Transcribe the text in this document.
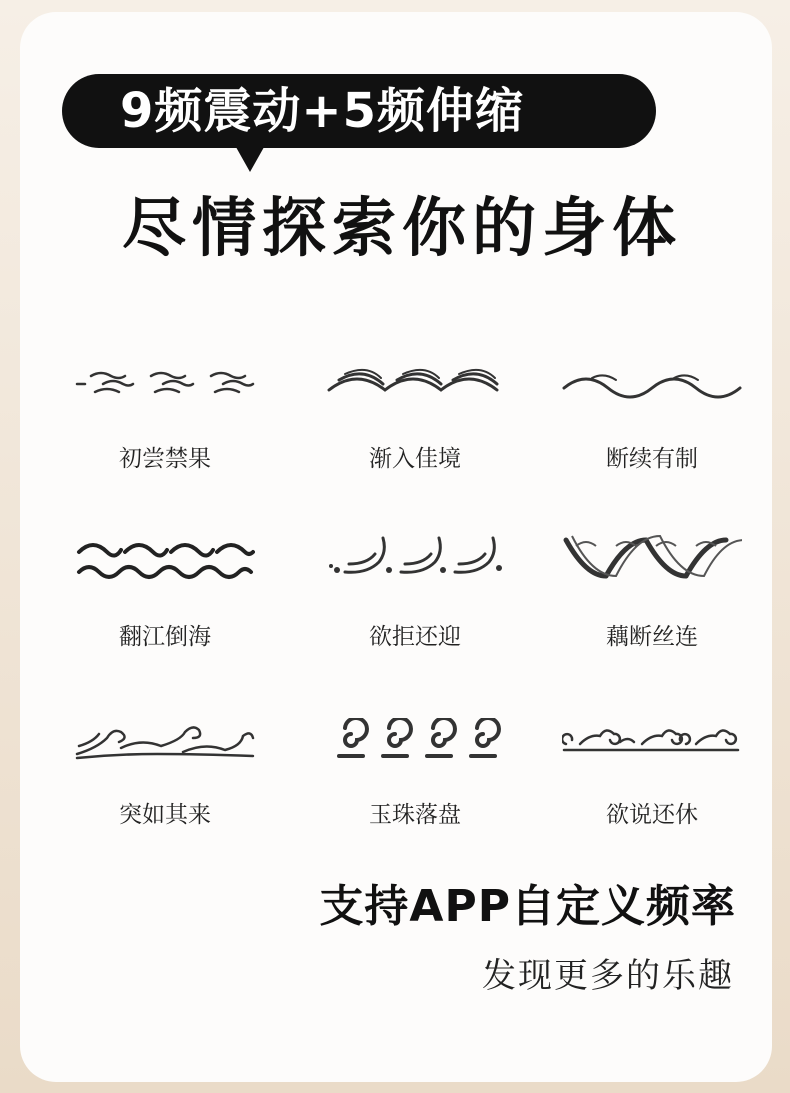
9频震动+5频伸缩
尽情探索你的身体
初尝禁果	渐入佳境	断续有制
翻江倒海	欲拒还迎	藕断丝连
突如其来	玉珠落盘	欲说还休
支持APP自定义频率
发现更多的乐趣
